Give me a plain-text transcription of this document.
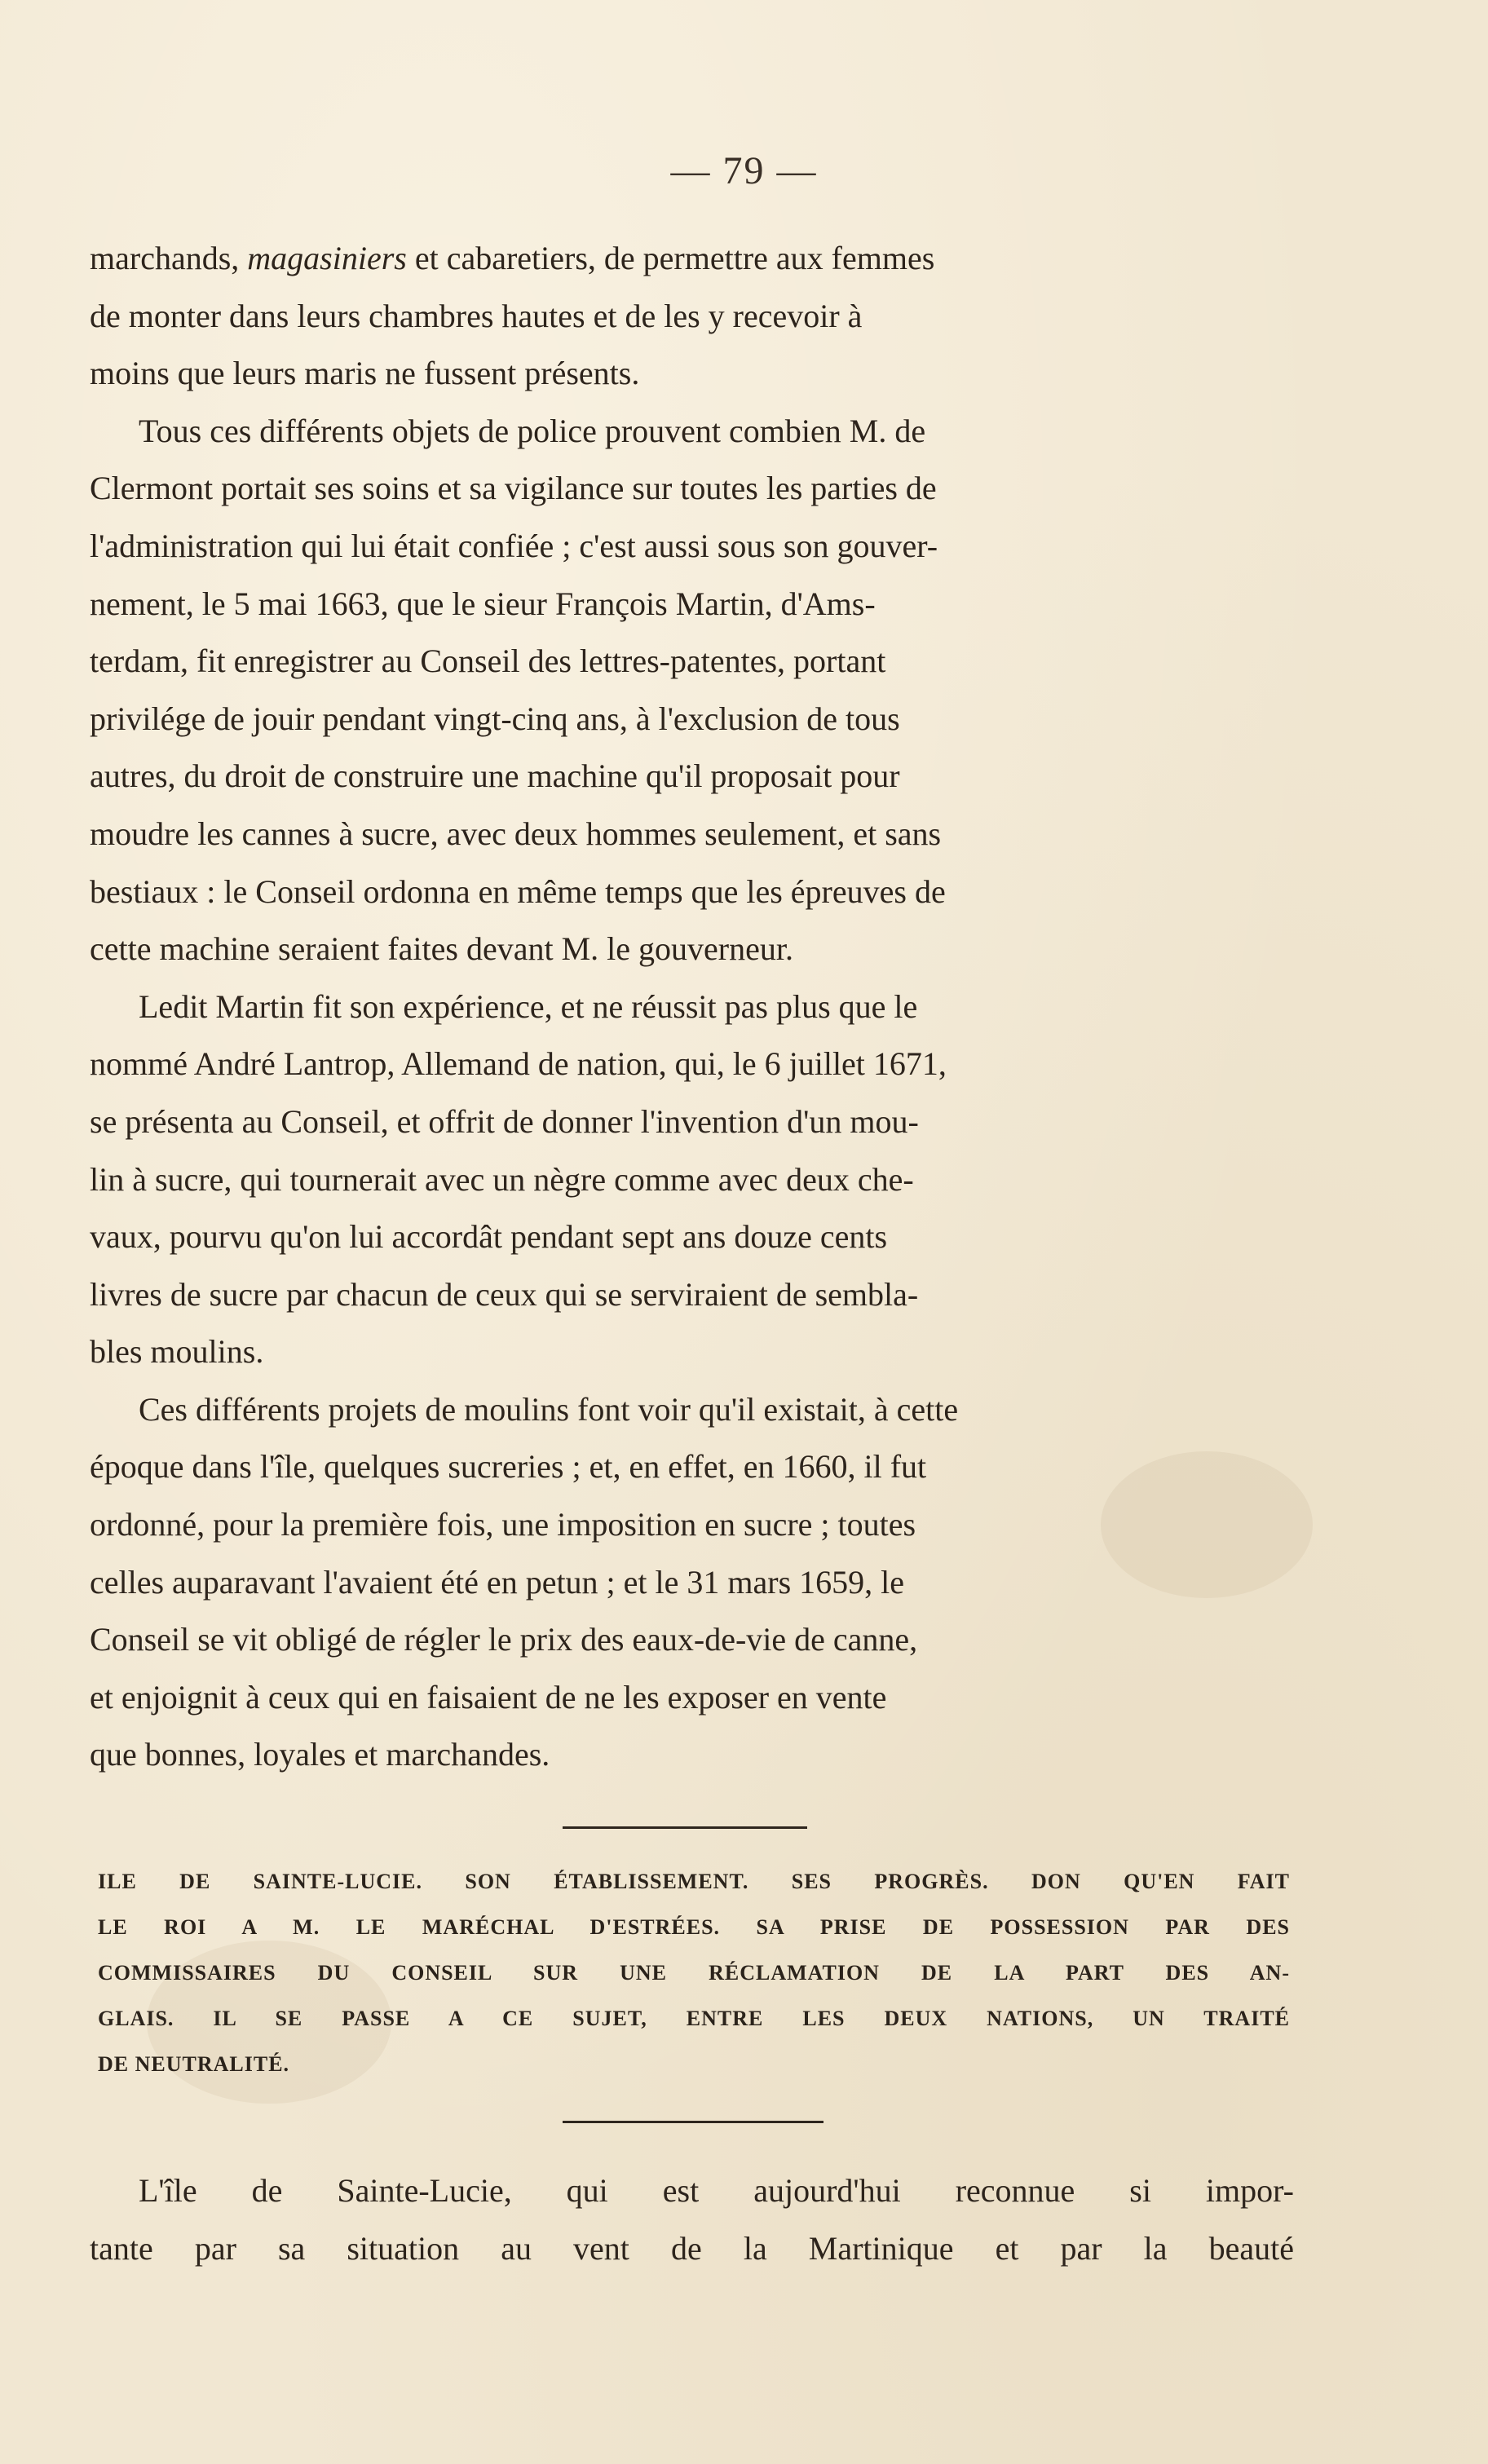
— 79 —
marchands, magasiniers et cabaretiers, de permettre aux femmes
de monter dans leurs chambres hautes et de les y recevoir à
moins que leurs maris ne fussent présents.
Tous ces différents objets de police prouvent combien M. de
Clermont portait ses soins et sa vigilance sur toutes les parties de
l'administration qui lui était confiée ; c'est aussi sous son gouver-
nement, le 5 mai 1663, que le sieur François Martin, d'Ams-
terdam, fit enregistrer au Conseil des lettres-patentes, portant
privilége de jouir pendant vingt-cinq ans, à l'exclusion de tous
autres, du droit de construire une machine qu'il proposait pour
moudre les cannes à sucre, avec deux hommes seulement, et sans
bestiaux : le Conseil ordonna en même temps que les épreuves de
cette machine seraient faites devant M. le gouverneur.
Ledit Martin fit son expérience, et ne réussit pas plus que le
nommé André Lantrop, Allemand de nation, qui, le 6 juillet 1671,
se présenta au Conseil, et offrit de donner l'invention d'un mou-
lin à sucre, qui tournerait avec un nègre comme avec deux che-
vaux, pourvu qu'on lui accordât pendant sept ans douze cents
livres de sucre par chacun de ceux qui se serviraient de sembla-
bles moulins.
Ces différents projets de moulins font voir qu'il existait, à cette
époque dans l'île, quelques sucreries ; et, en effet, en 1660, il fut
ordonné, pour la première fois, une imposition en sucre ; toutes
celles auparavant l'avaient été en petun ; et le 31 mars 1659, le
Conseil se vit obligé de régler le prix des eaux-de-vie de canne,
et enjoignit à ceux qui en faisaient de ne les exposer en vente
que bonnes, loyales et marchandes.
ILE DE SAINTE-LUCIE. SON ÉTABLISSEMENT. SES PROGRÈS. DON QU'EN FAIT
LE ROI A M. LE MARÉCHAL D'ESTRÉES. SA PRISE DE POSSESSION PAR DES
COMMISSAIRES DU CONSEIL SUR UNE RÉCLAMATION DE LA PART DES AN-
GLAIS. IL SE PASSE A CE SUJET, ENTRE LES DEUX NATIONS, UN TRAITÉ
DE NEUTRALITÉ.
L'île de Sainte-Lucie, qui est aujourd'hui reconnue si impor-
tante par sa situation au vent de la Martinique et par la beauté
